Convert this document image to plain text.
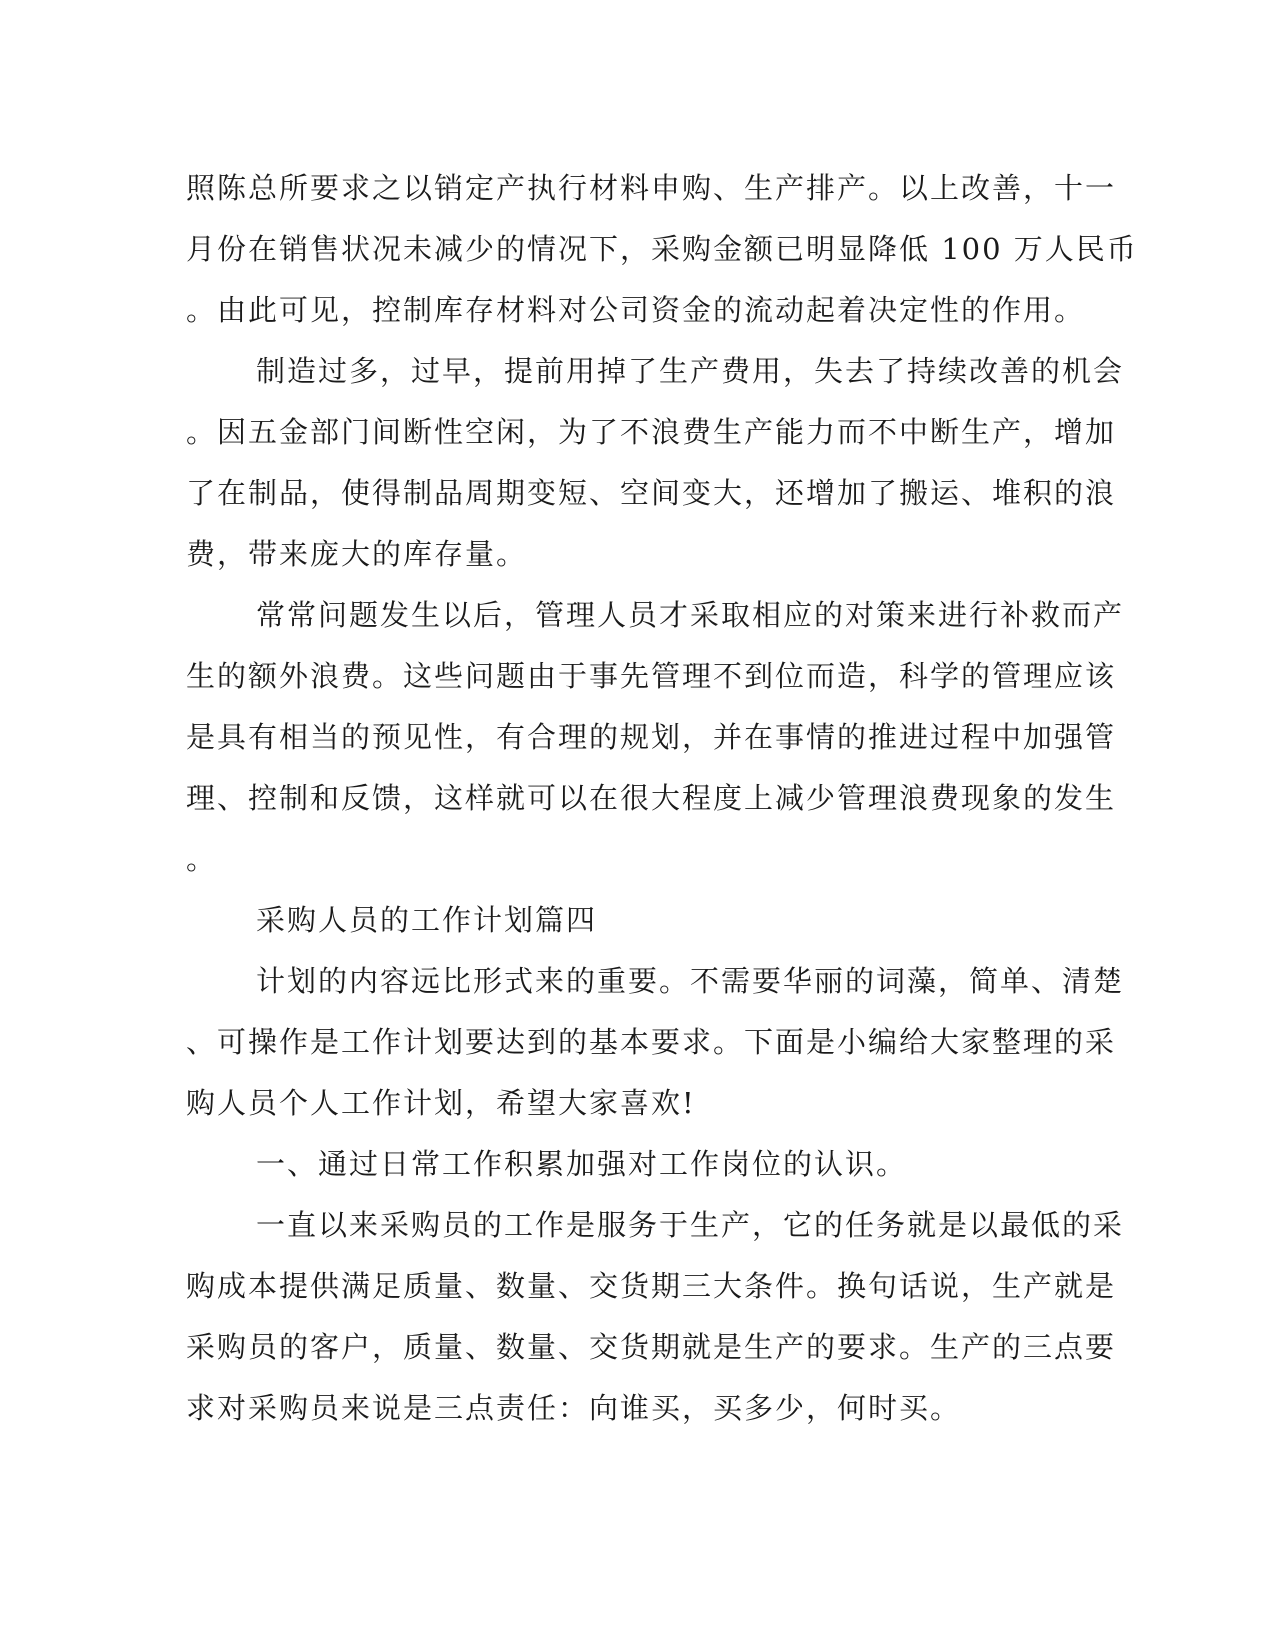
照陈总所要求之以销定产执行材料申购、生产排产。以上改善，十一
月份在销售状况未减少的情况下，采购金额已明显降低 100 万人民币
。由此可见，控制库存材料对公司资金的流动起着决定性的作用。
制造过多，过早，提前用掉了生产费用，失去了持续改善的机会
。因五金部门间断性空闲，为了不浪费生产能力而不中断生产，增加
了在制品，使得制品周期变短、空间变大，还增加了搬运、堆积的浪
费，带来庞大的库存量。
常常问题发生以后，管理人员才采取相应的对策来进行补救而产
生的额外浪费。这些问题由于事先管理不到位而造，科学的管理应该
是具有相当的预见性，有合理的规划，并在事情的推进过程中加强管
理、控制和反馈，这样就可以在很大程度上减少管理浪费现象的发生
。
采购人员的工作计划篇四
计划的内容远比形式来的重要。不需要华丽的词藻，简单、清楚
、可操作是工作计划要达到的基本要求。下面是小编给大家整理的采
购人员个人工作计划，希望大家喜欢!
一、通过日常工作积累加强对工作岗位的认识。
一直以来采购员的工作是服务于生产，它的任务就是以最低的采
购成本提供满足质量、数量、交货期三大条件。换句话说，生产就是
采购员的客户，质量、数量、交货期就是生产的要求。生产的三点要
求对采购员来说是三点责任：向谁买，买多少，何时买。
